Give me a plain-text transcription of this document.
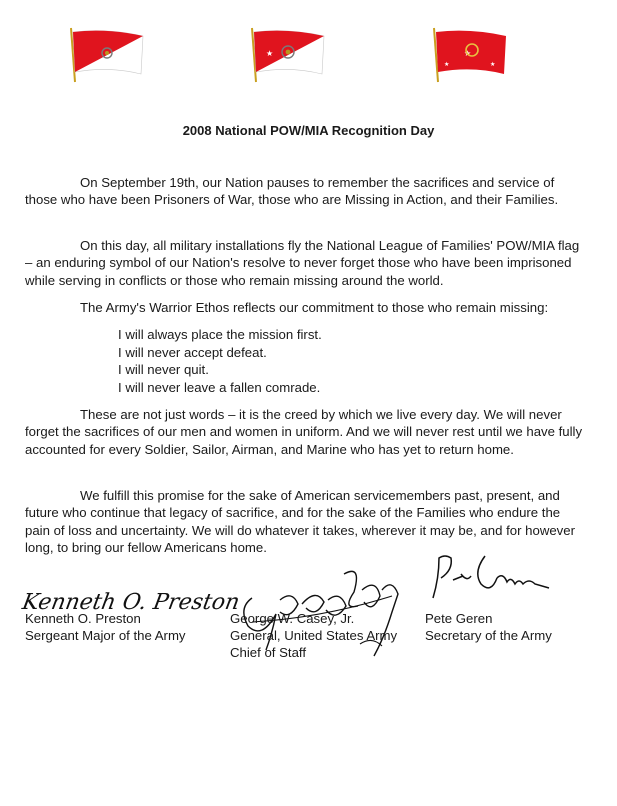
★	★	★
★	★
2008 National POW/MIA Recognition Day

On September 19th, our Nation pauses to remember the sacrifices and service of those who have been Prisoners of War, those who are Missing in Action, and their Families.

On this day, all military installations fly the National League of Families' POW/MIA flag – an enduring symbol of our Nation's resolve to never forget those who have been imprisoned while serving in conflicts or those who remain missing around the world.

The Army's Warrior Ethos reflects our commitment to those who remain missing:

I will always place the mission first.
I will never accept defeat.
I will never quit.
I will never leave a fallen comrade.

These are not just words – it is the creed by which we live every day. We will never forget the sacrifices of our men and women in uniform. And we will never rest until we have fully accounted for every Soldier, Sailor, Airman, and Marine who has yet to return home.

We fulfill this promise for the sake of American servicemembers past, present, and future who continue that legacy of sacrifice, and for the sake of the Families who endure the pain of loss and uncertainty. We will do whatever it takes, wherever it may be, and for however long, to bring our fellow Americans home.

Kenneth O. Preston
Kenneth O. Preston
Sergeant Major of the Army
George W. Casey, Jr.
General, United States Army
Chief of Staff
Pete Geren
Secretary of the Army
